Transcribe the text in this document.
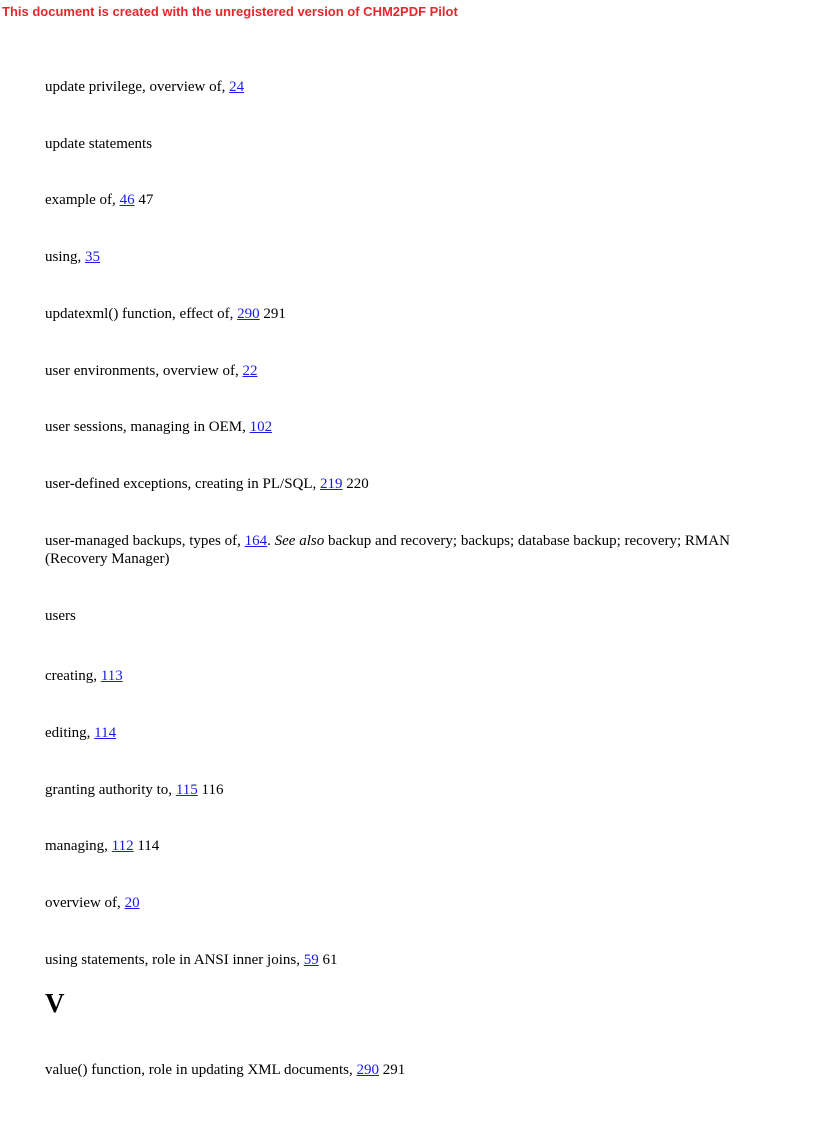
This document is created with the unregistered version of CHM2PDF Pilot
update privilege, overview of, 24
update statements
example of, 46 47
using, 35
updatexml() function, effect of, 290 291
user environments, overview of, 22
user sessions, managing in OEM, 102
user-defined exceptions, creating in PL/SQL, 219 220
user-managed backups, types of, 164. See also backup and recovery; backups; database backup; recovery; RMAN (Recovery Manager)
users
creating, 113
editing, 114
granting authority to, 115 116
managing, 112 114
overview of, 20
using statements, role in ANSI inner joins, 59 61
V
value() function, role in updating XML documents, 290 291
